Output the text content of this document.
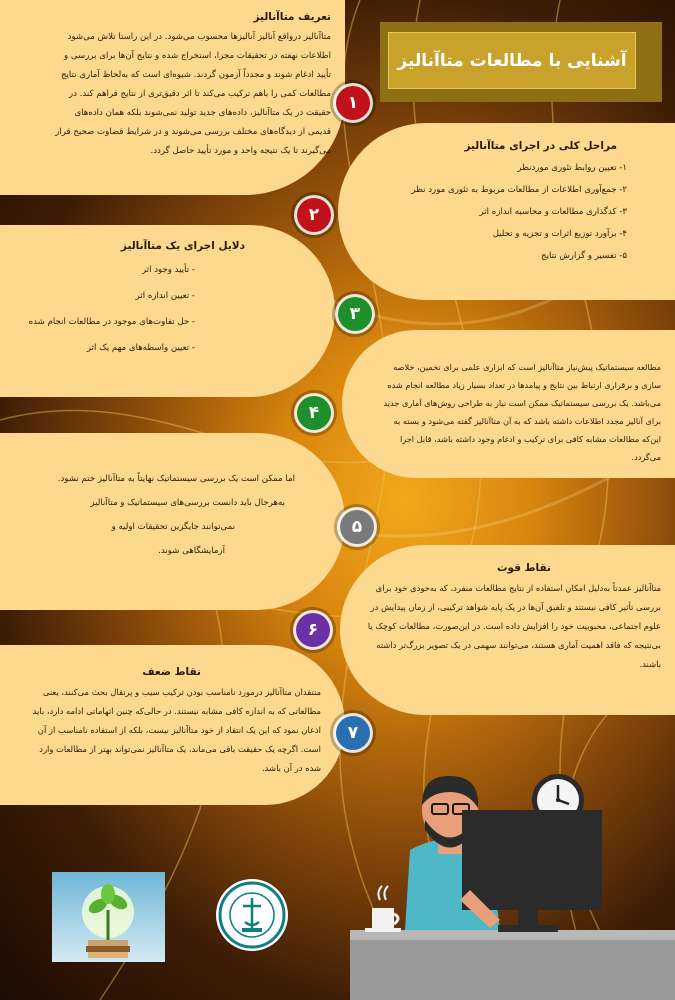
آشنایی با مطالعات متاآنالیز
تعریف متاآنالیز

متاآنالیز درواقع آنالیز آنالیزها محسوب می‌شود. در این راستا تلاش می‌شود اطلاعات نهفته در تحقیقات مجزا، استخراج شده و نتایج آن‌ها برای بررسی و تأیید ادغام شوند و مجدداً آزمون گردند. شیوه‌ای است که به‌لحاظ آماری نتایج مطالعات کمی را باهم ترکیب می‌کند تا اثر دقیق‌تری از نتایج فراهم کند. در حقیقت در یک متاآنالیز، داده‌های جدید تولید نمی‌شوند بلکه همان داده‌های قدیمی از دیدگاه‌های مختلف بررسی می‌شوند و در شرایط قضاوت صحیح قرار می‌گیرند تا یک نتیجه واحد و مورد تأیید حاصل گردد.	مراحل کلی در اجرای متاآنالیز
۱- تعیین روابط تئوری موردنظر
۲- جمع‌آوری اطلاعات از مطالعات مربوط به تئوری مورد نظر
۳- کدگذاری مطالعات و محاسبه اندازه اثر
۴- برآورد توزیع اثرات و تجزیه و تحلیل
۵- تفسیر و گزارش نتایج
دلایل اجرای یک متاآنالیز
- تأیید وجود اثر
- تعیین اندازه اثر
- حل تفاوت‌های موجود در مطالعات انجام شده
- تعیین واسطه‌های مهم یک اثر

مطالعه سیستماتیک پیش‌نیاز متاآنالیز است که ابزاری علمی برای تخمین، خلاصه سازی و برقراری ارتباط بین نتایج و پیامدها در تعداد بسیار زیاد مطالعه انجام شده می‌باشد. یک بررسی سیستماتیک ممکن است نیاز به طراحی روش‌های آماری جدید برای آنالیز مجدد اطلاعات داشته باشد که به آن متاآنالیز گفته می‌شود و بسته به این‌که مطالعات مشابه کافی برای ترکیب و ادغام وجود داشته باشد، قابل اجرا می‌گردد.

اما ممکن است یک بررسی سیستماتیک نهایتاً به متاآنالیز ختم نشود.

به‌هرحال باید دانست بررسی‌های سیستماتیک و متاآنالیز

نمی‌توانند جایگزین تحقیقات اولیه و

آزمایشگاهی شوند.

نقاط قوت

متاآنالیز عمدتاً به‌دلیل امکان استفاده از نتایج مطالعات منفرد، که به‌خودی خود برای بررسی تأثیر کافی نیستند و تلفیق آن‌ها در یک پایه شواهد ترکیبی، از زمان پیدایش در علوم اجتماعی، محبوبیت خود را افزایش داده است. در این‌صورت، مطالعات کوچک یا بی‌نتیجه که فاقد اهمیت آماری هستند، می‌توانند سهمی در یک تصویر بزرگ‌تر داشته باشند.

نقاط ضعف

منتقدان متاآنالیز درمورد نامناسب بودن ترکیب سیب و پرتقال بحث می‌کنند، یعنی مطالعاتی که به اندازه کافی مشابه نیستند. در حالی‌که چنین اتهاماتی ادامه دارد، باید اذعان نمود که این یک انتقاد از خود متاآنالیز نیست، بلکه از استفاده نامناسب از آن است. اگرچه یک حقیقت باقی می‌ماند، یک متاآنالیز نمی‌تواند بهتر از مطالعات وارد شده در آن باشد.

۱
۲
۳
۴
۵
۶
۷
